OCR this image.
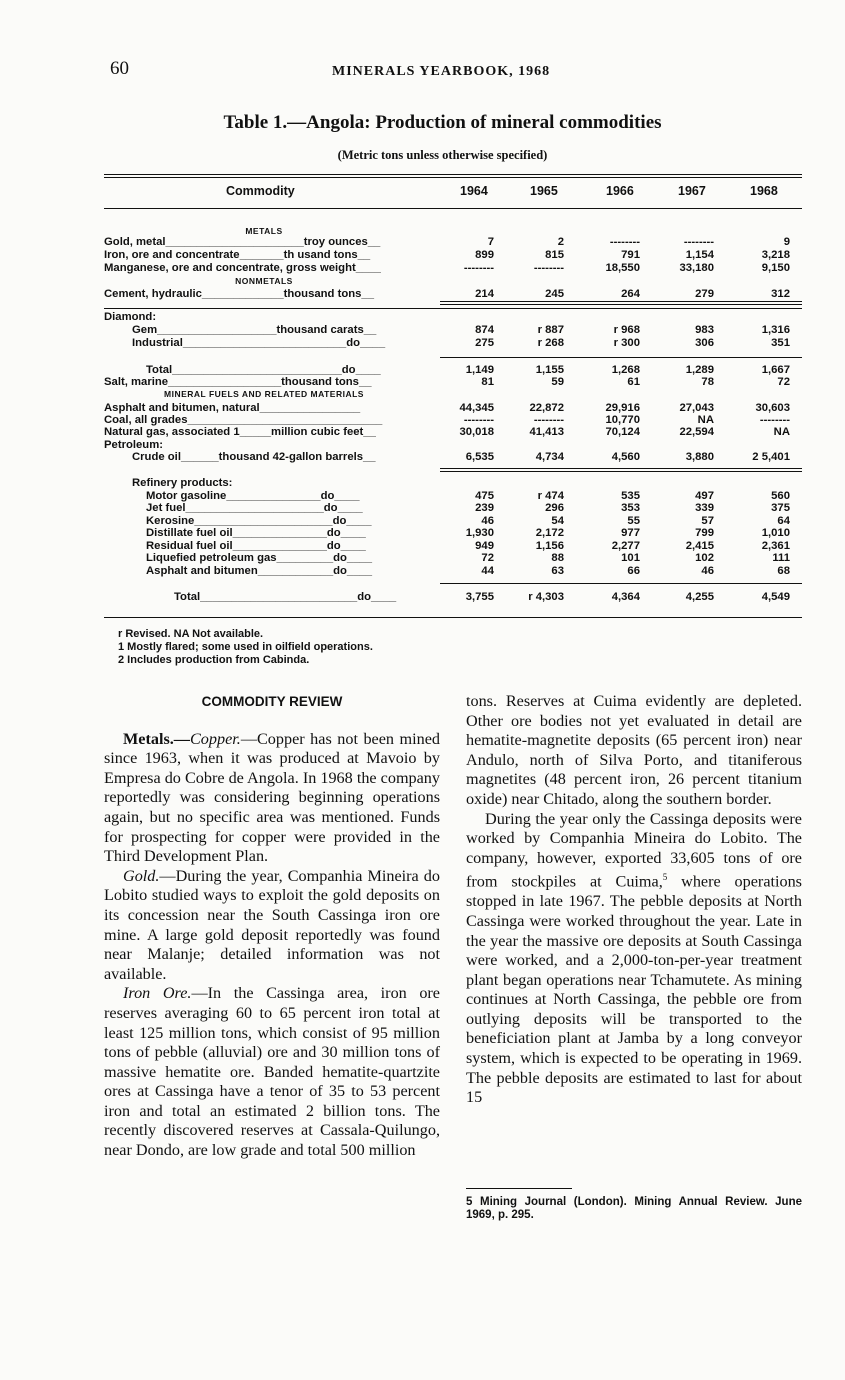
60	MINERALS YEARBOOK, 1968
Table 1.—Angola: Production of mineral commodities
(Metric tons unless otherwise specified)
Commodity	1964	1965	1966	1967	1968
METALS
NONMETALS
MINERAL FUELS AND RELATED MATERIALS
Gold, metal______________________troy ounces__	7	2	--------	--------	9
Iron, ore and concentrate_______th usand tons__	899	815	791	1,154	3,218
Manganese, ore and concentrate, gross weight____	--------	--------	18,550	33,180	9,150
Cement, hydraulic_____________thousand tons__	214	245	264	279	312
Diamond:
Gem___________________thousand carats__	874	r 887	r 968	983	1,316
Industrial__________________________do____	275	r 268	r 300	306	351
Total___________________________do____	1,149	1,155	1,268	1,289	1,667
Salt, marine__________________thousand tons__	81	59	61	78	72
Asphalt and bitumen, natural________________	44,345	22,872	29,916	27,043	30,603
Coal, all grades_______________________________	--------	--------	10,770	NA	--------
Natural gas, associated 1_____million cubic feet__	30,018	41,413	70,124	22,594	NA
Petroleum:
Crude oil______thousand 42-gallon barrels__	6,535	4,734	4,560	3,880	2 5,401
Refinery products:
Motor gasoline_______________do____	475	r 474	535	497	560
Jet fuel______________________do____	239	296	353	339	375
Kerosine______________________do____	46	54	55	57	64
Distillate fuel oil_______________do____	1,930	2,172	977	799	1,010
Residual fuel oil_______________do____	949	1,156	2,277	2,415	2,361
Liquefied petroleum gas_________do____	72	88	101	102	111
Asphalt and bitumen____________do____	44	63	66	46	68
Total_________________________do____	3,755	r 4,303	4,364	4,255	4,549
r Revised. NA Not available.
1 Mostly flared; some used in oilfield operations.
2 Includes production from Cabinda.

COMMODITY REVIEW

Metals.—Copper.—Copper has not been mined since 1963, when it was produced at Mavoio by Empresa do Cobre de Angola. In 1968 the company reportedly was considering beginning operations again, but no specific area was mentioned. Funds for prospecting for copper were provided in the Third Development Plan.

Gold.—During the year, Companhia Mineira do Lobito studied ways to exploit the gold deposits on its concession near the South Cassinga iron ore mine. A large gold deposit reportedly was found near Malanje; detailed information was not available.

Iron Ore.—In the Cassinga area, iron ore reserves averaging 60 to 65 percent iron total at least 125 million tons, which consist of 95 million tons of pebble (alluvial) ore and 30 million tons of massive hematite ore. Banded hematite-quartzite ores at Cassinga have a tenor of 35 to 53 percent iron and total an estimated 2 billion tons. The recently discovered reserves at Cassala-Quilungo, near Dondo, are low grade and total 500 million

tons. Reserves at Cuima evidently are depleted. Other ore bodies not yet evaluated in detail are hematite-magnetite deposits (65 percent iron) near Andulo, north of Silva Porto, and titaniferous magnetites (48 percent iron, 26 percent titanium oxide) near Chitado, along the southern border.

During the year only the Cassinga deposits were worked by Companhia Mineira do Lobito. The company, however, exported 33,605 tons of ore from stockpiles at Cuima,$^5$ where operations stopped in late 1967. The pebble deposits at North Cassinga were worked throughout the year. Late in the year the massive ore deposits at South Cassinga were worked, and a 2,000-ton-per-year treatment plant began operations near Tchamutete. As mining continues at North Cassinga, the pebble ore from outlying deposits will be transported to the beneficiation plant at Jamba by a long conveyor system, which is expected to be operating in 1969. The pebble deposits are estimated to last for about 15

5 Mining Journal (London). Mining Annual Review. June 1969, p. 295.
